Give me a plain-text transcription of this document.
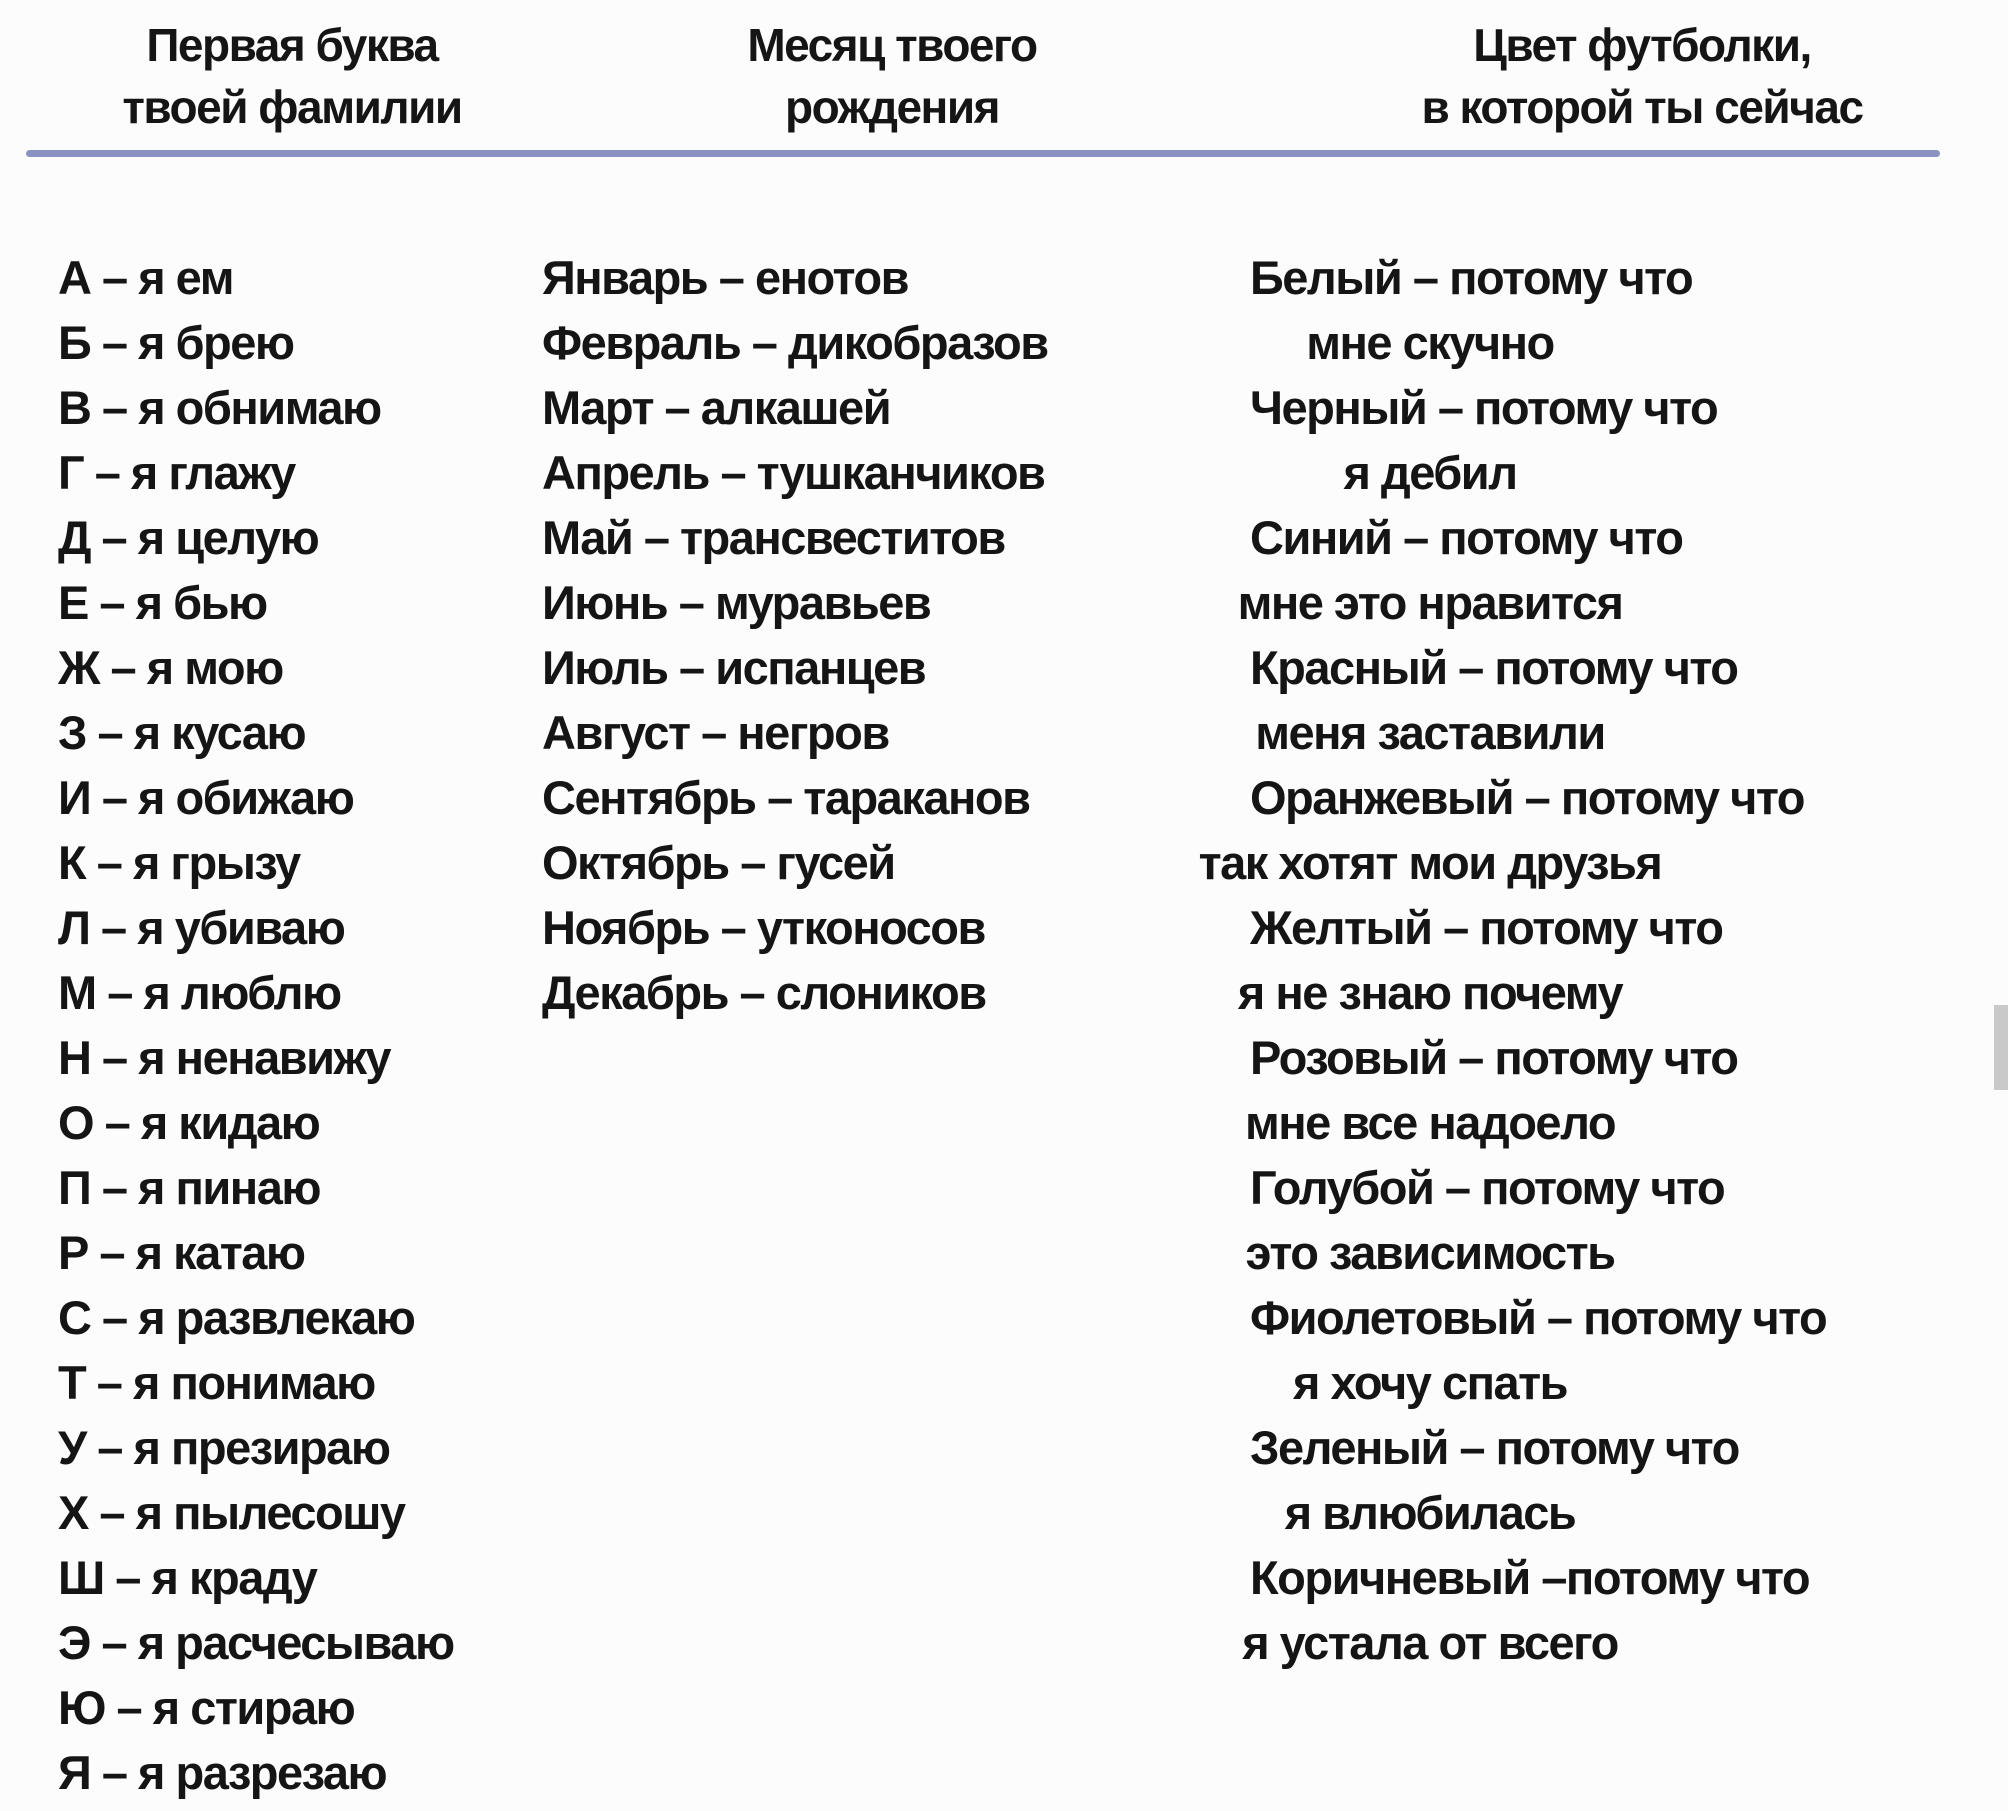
Первая буква
твоей фамилии
Месяц твоего
рождения
Цвет футболки,
в которой ты сейчас
А – я ем
Б – я брею
В – я обнимаю
Г – я глажу
Д – я целую
Е – я бью
Ж – я мою
З – я кусаю
И – я обижаю
К – я грызу
Л – я убиваю
М – я люблю
Н – я ненавижу
О – я кидаю
П – я пинаю
Р – я катаю
С – я развлекаю
Т – я понимаю
У – я презираю
Х – я пылесошу
Ш – я краду
Э – я расчесываю
Ю – я стираю
Я – я разрезаю
Январь – енотов
Февраль – дикобразов
Март – алкашей
Апрель – тушканчиков
Май – трансвеститов
Июнь – муравьев
Июль – испанцев
Август – негров
Сентябрь – тараканов
Октябрь – гусей
Ноябрь – утконосов
Декабрь – слоников
Белый – потому что
мне скучно
Черный – потому что
я дебил
Синий – потому что
мне это нравится
Красный – потому что
меня заставили
Оранжевый – потому что
так хотят мои друзья
Желтый – потому что
я не знаю почему
Розовый – потому что
мне все надоело
Голубой – потому что
это зависимость
Фиолетовый – потому что
я хочу спать
Зеленый – потому что
я влюбилась
Коричневый –потому что
я устала от всего
